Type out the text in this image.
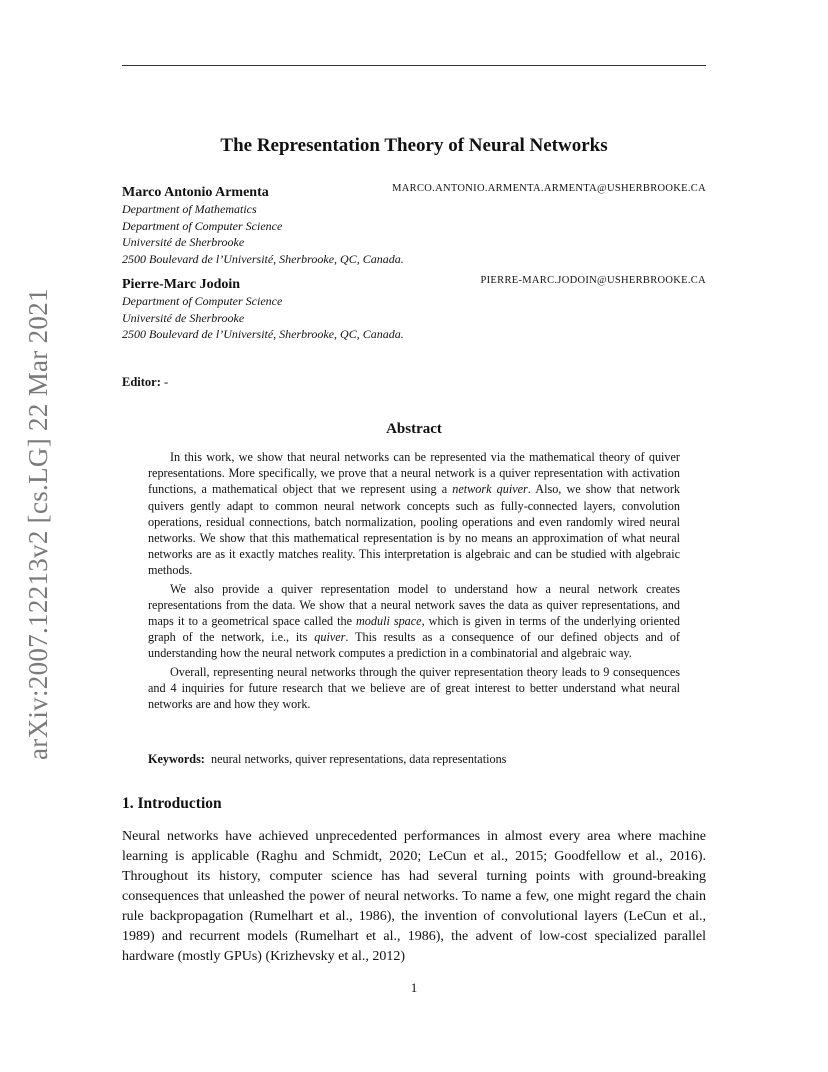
arXiv:2007.12213v2 [cs.LG] 22 Mar 2021
The Representation Theory of Neural Networks
Marco Antonio Armenta	MARCO.ANTONIO.ARMENTA.ARMENTA@USHERBROOKE.CA
Department of Mathematics
Department of Computer Science
Université de Sherbrooke
2500 Boulevard de l’Université, Sherbrooke, QC, Canada.
Pierre-Marc Jodoin	PIERRE-MARC.JODOIN@USHERBROOKE.CA
Department of Computer Science
Université de Sherbrooke
2500 Boulevard de l’Université, Sherbrooke, QC, Canada.
Editor: -
Abstract

In this work, we show that neural networks can be represented via the mathematical theory of quiver representations. More specifically, we prove that a neural network is a quiver representation with activation functions, a mathematical object that we represent using a network quiver. Also, we show that network quivers gently adapt to common neural network concepts such as fully-connected layers, convolution operations, residual connections, batch normalization, pooling operations and even randomly wired neural networks. We show that this mathematical representation is by no means an approximation of what neural networks are as it exactly matches reality. This interpretation is algebraic and can be studied with algebraic methods.

We also provide a quiver representation model to understand how a neural network creates representations from the data. We show that a neural network saves the data as quiver representations, and maps it to a geometrical space called the moduli space, which is given in terms of the underlying oriented graph of the network, i.e., its quiver. This results as a consequence of our defined objects and of understanding how the neural network computes a prediction in a combinatorial and algebraic way.

Overall, representing neural networks through the quiver representation theory leads to 9 consequences and 4 inquiries for future research that we believe are of great interest to better understand what neural networks are and how they work.

Keywords: neural networks, quiver representations, data representations
1. Introduction
Neural networks have achieved unprecedented performances in almost every area where machine learning is applicable (Raghu and Schmidt, 2020; LeCun et al., 2015; Goodfellow et al., 2016). Throughout its history, computer science has had several turning points with ground-breaking consequences that unleashed the power of neural networks. To name a few, one might regard the chain rule backpropagation (Rumelhart et al., 1986), the invention of convolutional layers (LeCun et al., 1989) and recurrent models (Rumelhart et al., 1986), the advent of low-cost specialized parallel hardware (mostly GPUs) (Krizhevsky et al., 2012)
1
